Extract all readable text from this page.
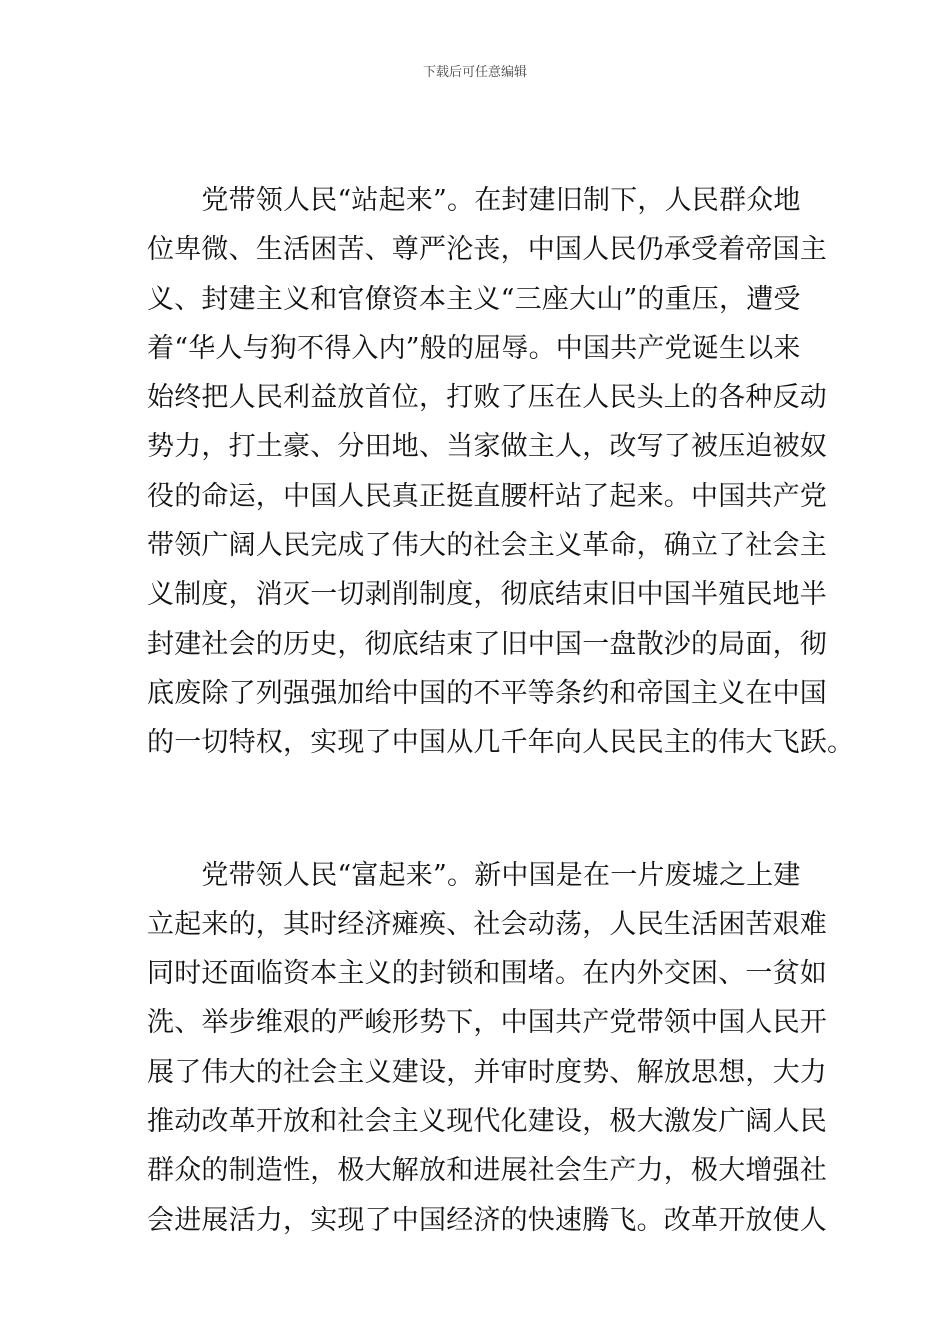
下载后可任意编辑
　　党带领人民“站起来”。在封建旧制下，人民群众地
位卑微、生活困苦、尊严沦丧，中国人民仍承受着帝国主
义、封建主义和官僚资本主义“三座大山”的重压，遭受
着“华人与狗不得入内”般的屈辱。中国共产党诞生以来
始终把人民利益放首位，打败了压在人民头上的各种反动
势力，打土豪、分田地、当家做主人，改写了被压迫被奴
役的命运，中国人民真正挺直腰杆站了起来。中国共产党
带领广阔人民完成了伟大的社会主义革命，确立了社会主
义制度，消灭一切剥削制度，彻底结束旧中国半殖民地半
封建社会的历史，彻底结束了旧中国一盘散沙的局面，彻
底废除了列强强加给中国的不平等条约和帝国主义在中国
的一切特权，实现了中国从几千年向人民民主的伟大飞跃。
　　党带领人民“富起来”。新中国是在一片废墟之上建
立起来的，其时经济瘫痪、社会动荡，人民生活困苦艰难
同时还面临资本主义的封锁和围堵。在内外交困、一贫如
洗、举步维艰的严峻形势下，中国共产党带领中国人民开
展了伟大的社会主义建设，并审时度势、解放思想，大力
推动改革开放和社会主义现代化建设，极大激发广阔人民
群众的制造性，极大解放和进展社会生产力，极大增强社
会进展活力，实现了中国经济的快速腾飞。改革开放使人
